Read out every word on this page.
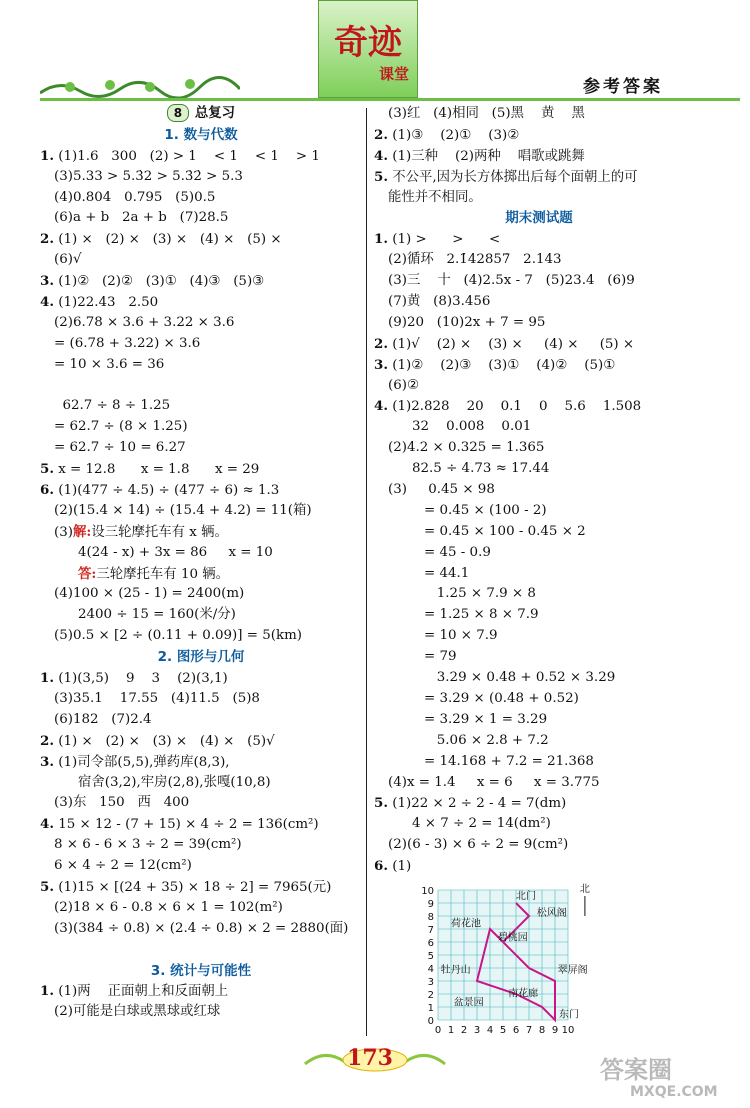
奇迹
课堂
参考答案
8 总复习
1. 数与代数
1. (1)1.6   300   (2) > 1    < 1    < 1    > 1
(3)5.33 > 5.3̇2 > 5.3̇2̇ > 5.3
(4)0.804   0.795   (5)0.5
(6)a + b   2a + b   (7)28.5
2. (1) ×   (2) ×   (3) ×   (4) ×   (5) ×
(6)√
3. (1)②   (2)②   (3)①   (4)③   (5)③
4. (1)22.43   2.50
(2)6.78 × 3.6 + 3.22 × 3.6
= (6.78 + 3.22) × 3.6
= 10 × 3.6 = 36
62.7 ÷ 8 ÷ 1.25
= 62.7 ÷ (8 × 1.25)
= 62.7 ÷ 10 = 6.27
5. x = 12.8      x = 1.8      x = 29
6. (1)(477 ÷ 4.5) ÷ (477 ÷ 6) ≈ 1.3
(2)(15.4 × 14) ÷ (15.4 + 4.2) = 11(箱)
(3)解:设三轮摩托车有 x 辆。
4(24 - x) + 3x = 86     x = 10
答:三轮摩托车有 10 辆。
(4)100 × (25 - 1) = 2400(m)
2400 ÷ 15 = 160(米/分)
(5)0.5 × [2 ÷ (0.11 + 0.09)] = 5(km)
2. 图形与几何
1. (1)(3,5)    9    3    (2)(3,1)
(3)35.1    17.55   (4)11.5   (5)8
(6)182   (7)2.4
2. (1) ×   (2) ×   (3) ×   (4) ×   (5)√
3. (1)司令部(5,5),弹药库(8,3),
宿舍(3,2),牢房(2,8),张嘎(10,8)
(3)东   150   西   400
4. 15 × 12 - (7 + 15) × 4 ÷ 2 = 136(cm²)
8 × 6 - 6 × 3 ÷ 2 = 39(cm²)
6 × 4 ÷ 2 = 12(cm²)
5. (1)15 × [(24 + 35) × 18 ÷ 2] = 7965(元)
(2)18 × 6 - 0.8 × 6 × 1 = 102(m²)
(3)(384 ÷ 0.8) × (2.4 ÷ 0.8) × 2 = 2880(面)
3. 统计与可能性
1. (1)两    正面朝上和反面朝上
(2)可能是白球或黑球或红球
(3)红   (4)相同   (5)黑    黄    黑
2. (1)③    (2)①    (3)②
4. (1)三种    (2)两种    唱歌或跳舞
5. 不公平,因为长方体掷出后每个面朝上的可
能性并不相同。
期末测试题
1. (1) >      >      <
(2)循环   2.1̇42857̇   2.143
(3)三    十   (4)2.5x - 7   (5)23.4   (6)9
(7)黄   (8)3.456
(9)20   (10)2x + 7 = 95
2. (1)√    (2) ×    (3) ×     (4) ×     (5) ×
3. (1)②    (2)③    (3)①    (4)②    (5)①
(6)②
4. (1)2.828    20    0.1    0    5.6    1.508
32    0.008    0.01
(2)4.2 × 0.325 = 1.365
82.5 ÷ 4.73 ≈ 17.44
(3)     0.45 × 98
= 0.45 × (100 - 2)
= 0.45 × 100 - 0.45 × 2
= 45 - 0.9
= 44.1
1.25 × 7.9 × 8
= 1.25 × 8 × 7.9
= 10 × 7.9
= 79
3.29 × 0.48 + 0.52 × 3.29
= 3.29 × (0.48 + 0.52)
= 3.29 × 1 = 3.29
5.06 × 2.8 + 7.2
= 14.168 + 7.2 = 21.368
(4)x = 1.4     x = 6     x = 3.775
5. (1)22 × 2 ÷ 2 - 4 = 7(dm)
4 × 7 ÷ 2 = 14(dm²)
(2)(6 - 3) × 6 ÷ 2 = 9(cm²)
6. (1)
10
9
8
7
6
5
4
3
2
1
0
0 1 2 3 4 5 6 7 8 9 10
北门
松风阁
荷花池
碧桃园
牡丹山	翠屏阁
南花廊
盆景园
东门
北
173	答案圈
MXQE.COM
